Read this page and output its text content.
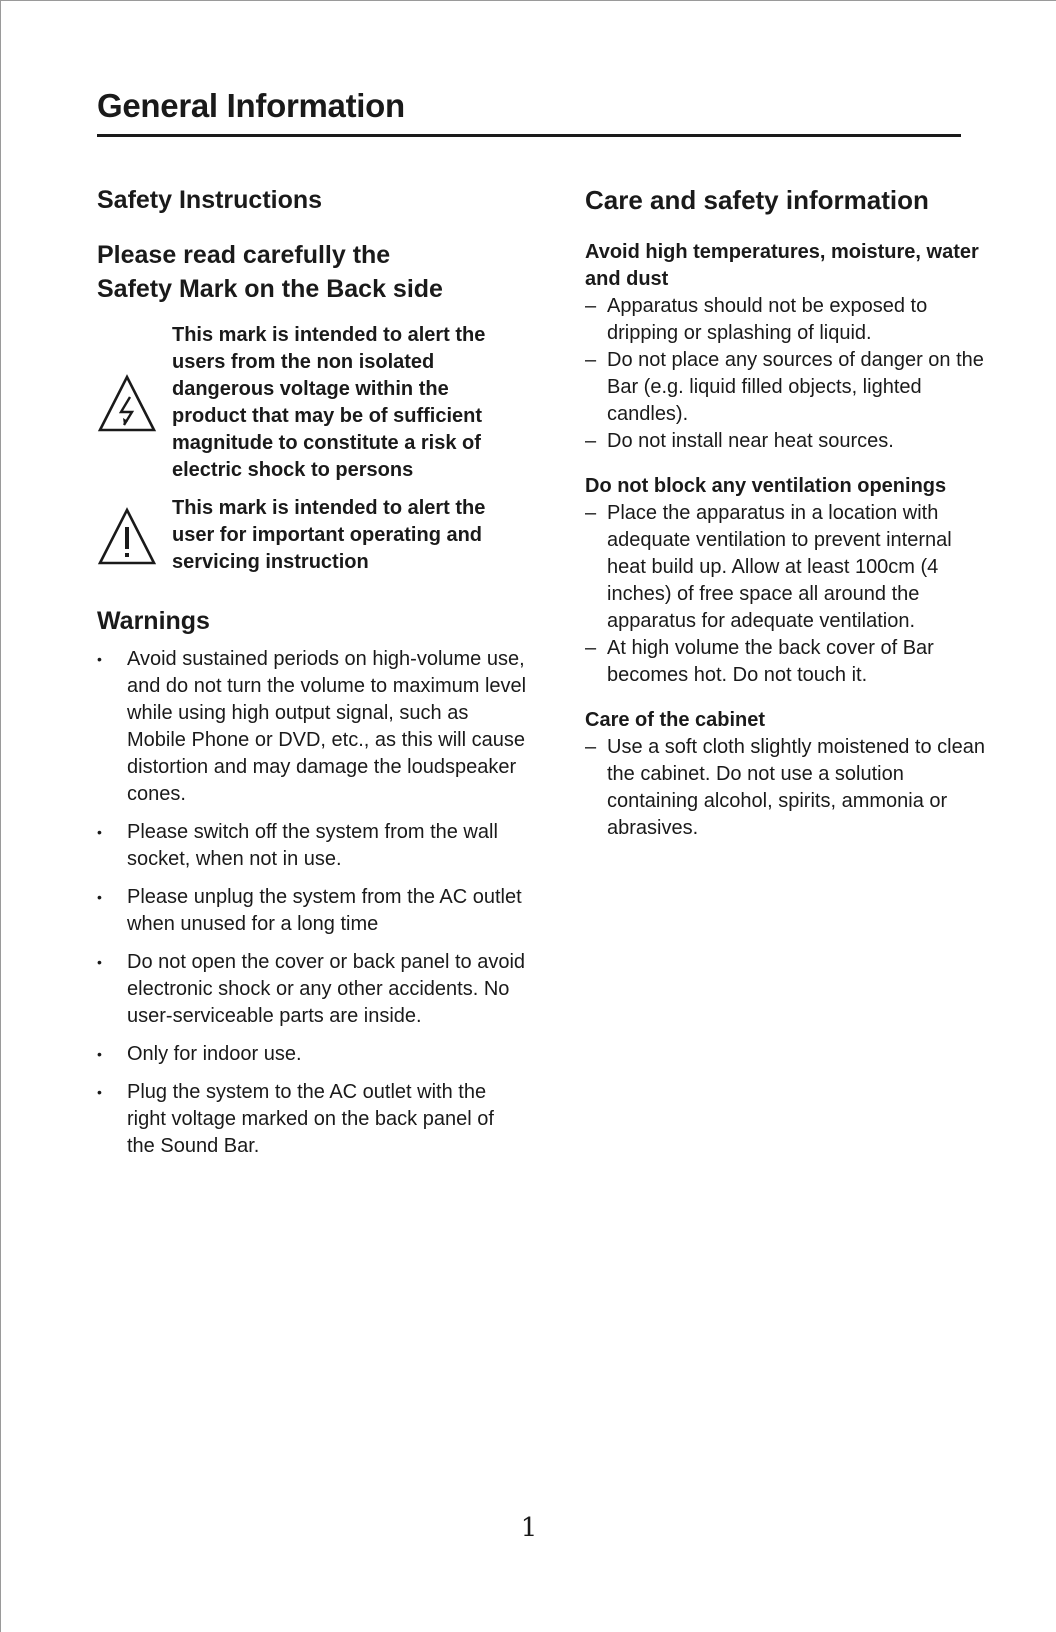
General Information
Safety Instructions
Please read carefully the
Safety Mark on the Back side
This mark is intended to alert the users from the non isolated dangerous voltage within the product that may be of sufficient magnitude to constitute a risk of electric shock to persons
This mark is intended to alert the user for important operating and servicing instruction
Warnings
• Avoid sustained periods on high-volume use, and do not turn the volume to maximum level while using high output signal, such as Mobile Phone or DVD, etc., as this will cause distortion and may damage the loudspeaker cones.
• Please switch off the system from the wall socket, when not in use.
• Please unplug the system from the AC outlet when unused for a long time
• Do not open the cover or back panel to avoid electronic shock or any other accidents. No user-serviceable parts are inside.
• Only for indoor use.
• Plug the system to the AC outlet with the right voltage marked on the back panel of the Sound Bar.
Care and safety information
Avoid high temperatures, moisture, water and dust
– Apparatus should not be exposed to dripping or splashing of liquid.
– Do not place any sources of danger on the Bar (e.g. liquid filled objects, lighted candles).
– Do not install near heat sources.
Do not block any ventilation openings
– Place the apparatus in a location with adequate ventilation to prevent internal heat build up. Allow at least 100cm (4 inches) of free space all around the apparatus for adequate ventilation.
– At high volume the back cover of Bar becomes hot. Do not touch it.
Care of the cabinet
– Use a soft cloth slightly moistened to clean the cabinet. Do not use a solution containing alcohol, spirits, ammonia or abrasives.
1
